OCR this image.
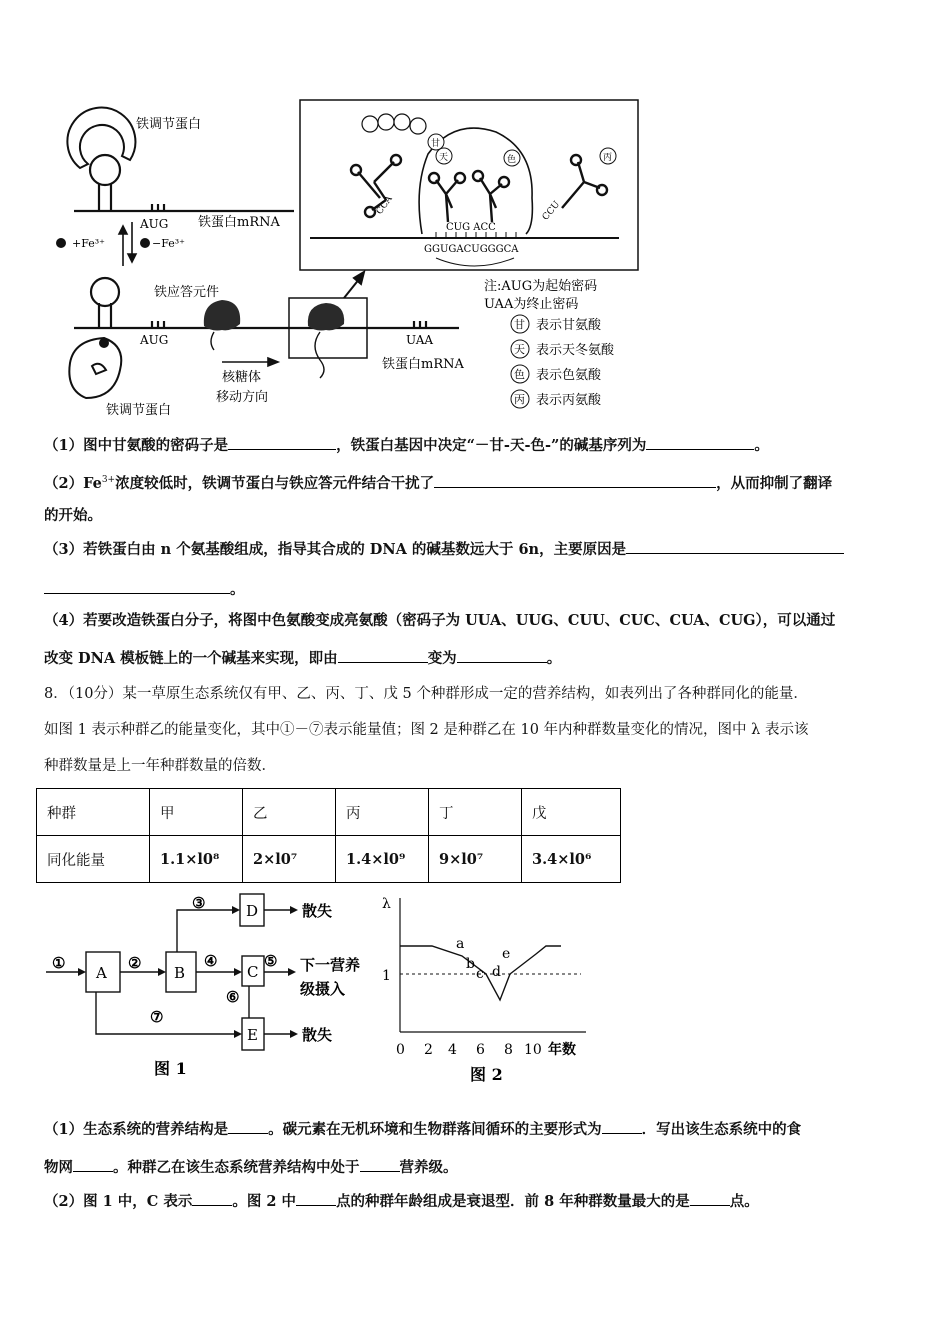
铁调节蛋白
AUG 铁蛋白mRNA
+Fe³⁺	−Fe³⁺
铁应答元件
AUG	UAA
铁蛋白mRNA
核糖体
移动方向
铁调节蛋白
GGUGACUGGGCA
CCA
甘
天	色
CUG ACC
丙
CCU
注:AUG为起始密码
UAA为终止密码
甘 表示甘氨酸
天 表示天冬氨酸
色 表示色氨酸
丙 表示丙氨酸
（1）图中甘氨酸的密码子是	，铁蛋白基因中决定“－甘-天-色-”的碱基序列为	。
$(2)Fe^{3+}$浓度较低时，铁调节蛋白与铁应答元件结合干扰了	，从而抑制了翻译
的开始。
（3）若铁蛋白由 n 个氨基酸组成，指导其合成的 DNA 的碱基数远大于 6n，主要原因是
。
（4）若要改造铁蛋白分子，将图中色氨酸变成亮氨酸（密码子为 UUA、UUG、CUU、CUC、CUA、CUG），可以通过
改变 DNA 模板链上的一个碱基来实现，即由	变为	。
8．（10分）某一草原生态系统仅有甲、乙、丙、丁、戊 5 个种群形成一定的营养结构，如表列出了各种群同化的能量．
如图 1 表示种群乙的能量变化，其中①－⑦表示能量值；图 2 是种群乙在 10 年内种群数量变化的情况，图中 λ 表示该
种群数量是上一年种群数量的倍数．
种群	甲	乙	丙	丁	戊
同化能量	1.1×l0⁸	2×l0⁷	1.4×l0⁹	9×l0⁷	3.4×l0⁶
①	②
③
④	⑤
⑥
⑦
A	B
D
C
E
散失
下一营养
级摄入
散失
图 1
λ
1
0 2 4 6 8 10 年数
a
b
c d
e
图 2
（1）生态系统的营养结构是	。碳元素在无机环境和生物群落间循环的主要形式为	．写出该生态系统中的食
物网	。种群乙在该生态系统营养结构中处于	营养级。
（2）图 1 中，C 表示	。图 2 中	点的种群年龄组成是衰退型．前 8 年种群数量最大的是	点。
